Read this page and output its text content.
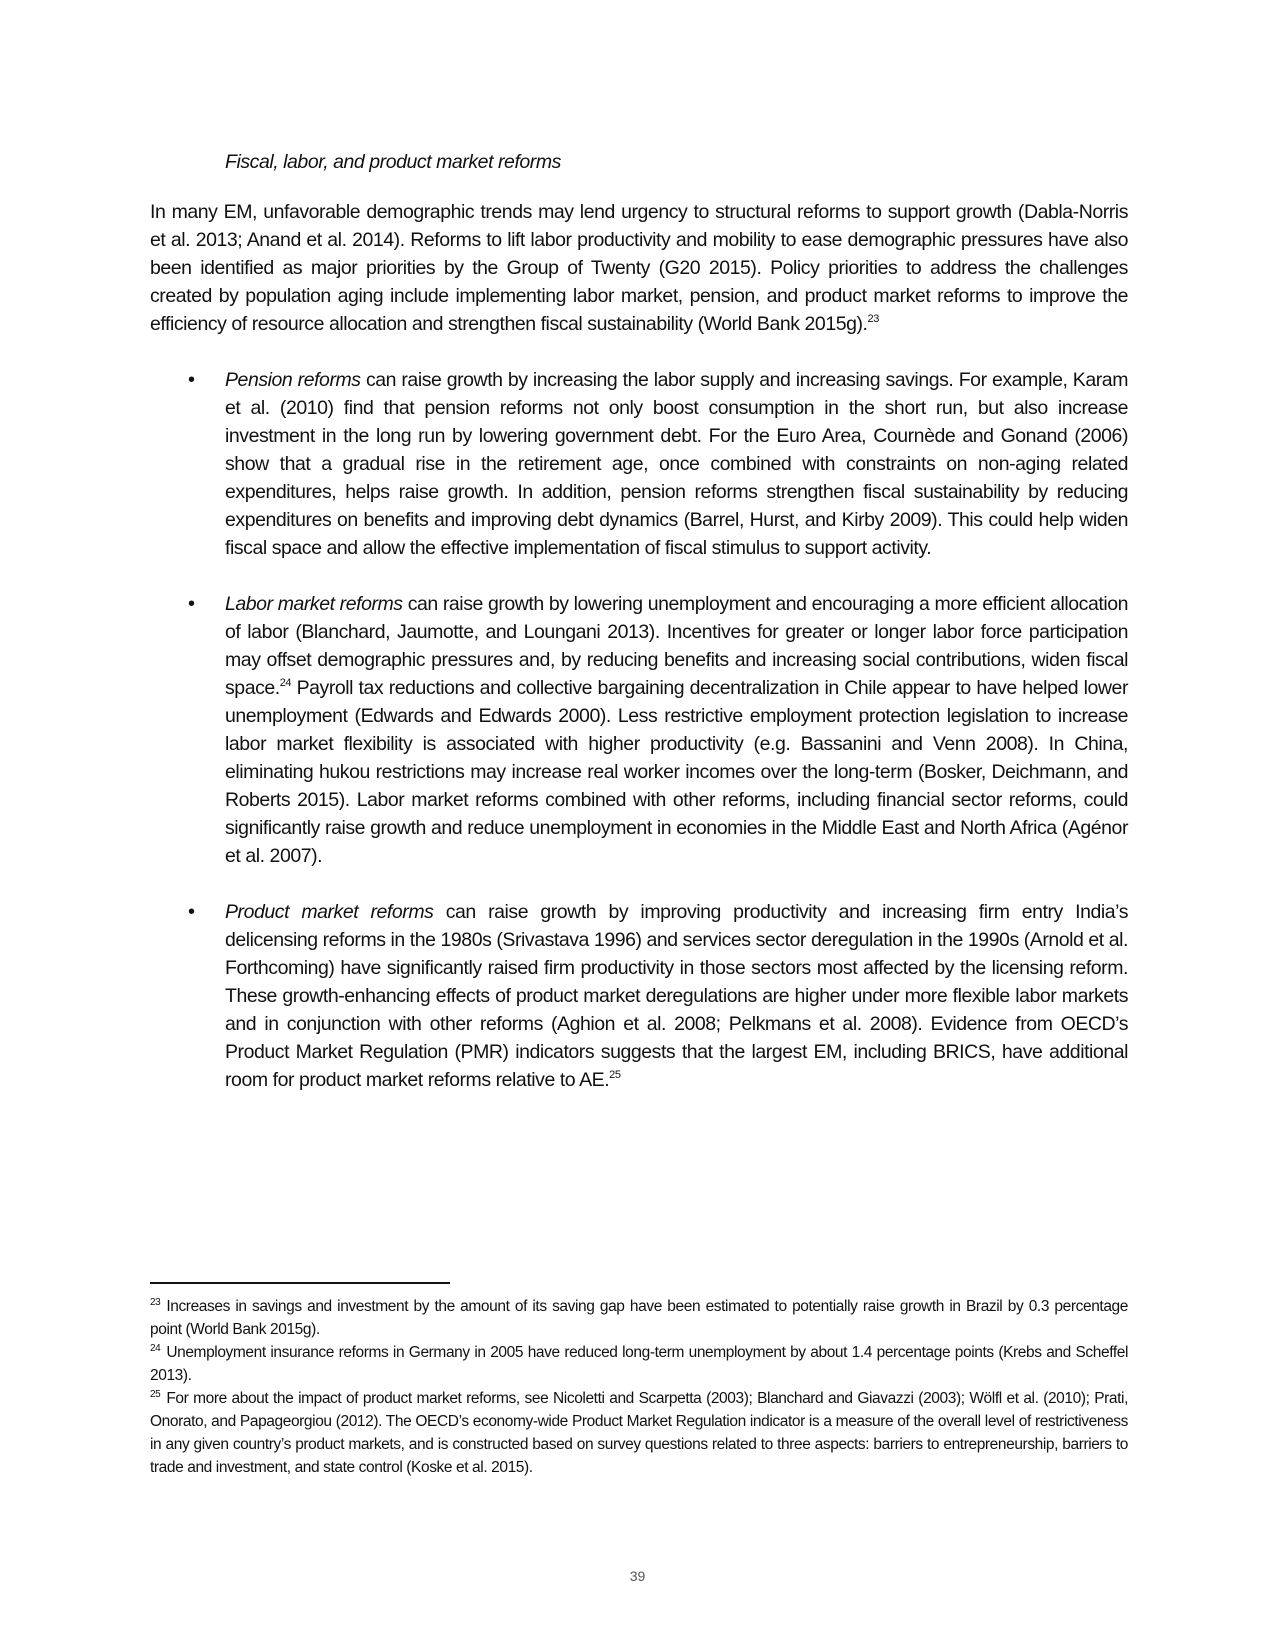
Fiscal, labor, and product market reforms

In many EM, unfavorable demographic trends may lend urgency to structural reforms to support growth (Dabla-Norris et al. 2013; Anand et al. 2014). Reforms to lift labor productivity and mobility to ease demographic pressures have also been identified as major priorities by the Group of Twenty (G20 2015). Policy priorities to address the challenges created by population aging include implementing labor market, pension, and product market reforms to improve the efficiency of resource allocation and strengthen fiscal sustainability (World Bank 2015g).$^{23}$

• Pension reforms can raise growth by increasing the labor supply and increasing savings. For example, Karam et al. (2010) find that pension reforms not only boost consumption in the short run, but also increase investment in the long run by lowering government debt. For the Euro Area, Cournède and Gonand (2006) show that a gradual rise in the retirement age, once combined with constraints on non-aging related expenditures, helps raise growth. In addition, pension reforms strengthen fiscal sustainability by reducing expenditures on benefits and improving debt dynamics (Barrel, Hurst, and Kirby 2009). This could help widen fiscal space and allow the effective implementation of fiscal stimulus to support activity.
• Labor market reforms can raise growth by lowering unemployment and encouraging a more efficient allocation of labor (Blanchard, Jaumotte, and Loungani 2013). Incentives for greater or longer labor force participation may offset demographic pressures and, by reducing benefits and increasing social contributions, widen fiscal space.$^{24}$ Payroll tax reductions and collective bargaining decentralization in Chile appear to have helped lower unemployment (Edwards and Edwards 2000). Less restrictive employment protection legislation to increase labor market flexibility is associated with higher productivity (e.g. Bassanini and Venn 2008). In China, eliminating hukou restrictions may increase real worker incomes over the long-term (Bosker, Deichmann, and Roberts 2015). Labor market reforms combined with other reforms, including financial sector reforms, could significantly raise growth and reduce unemployment in economies in the Middle East and North Africa (Agénor et al. 2007).
• Product market reforms can raise growth by improving productivity and increasing firm entry India’s delicensing reforms in the 1980s (Srivastava 1996) and services sector deregulation in the 1990s (Arnold et al. Forthcoming) have significantly raised firm productivity in those sectors most affected by the licensing reform. These growth-enhancing effects of product market deregulations are higher under more flexible labor markets and in conjunction with other reforms (Aghion et al. 2008; Pelkmans et al. 2008). Evidence from OECD’s Product Market Regulation (PMR) indicators suggests that the largest EM, including BRICS, have additional room for product market reforms relative to AE.$^{25}$

$^{23}$ Increases in savings and investment by the amount of its saving gap have been estimated to potentially raise growth in Brazil by 0.3 percentage point (World Bank 2015g).

$^{24}$ Unemployment insurance reforms in Germany in 2005 have reduced long-term unemployment by about 1.4 percentage points (Krebs and Scheffel 2013).

$^{25}$ For more about the impact of product market reforms, see Nicoletti and Scarpetta (2003); Blanchard and Giavazzi (2003); Wölfl et al. (2010); Prati, Onorato, and Papageorgiou (2012). The OECD’s economy-wide Product Market Regulation indicator is a measure of the overall level of restrictiveness in any given country’s product markets, and is constructed based on survey questions related to three aspects: barriers to entrepreneurship, barriers to trade and investment, and state control (Koske et al. 2015).

39
